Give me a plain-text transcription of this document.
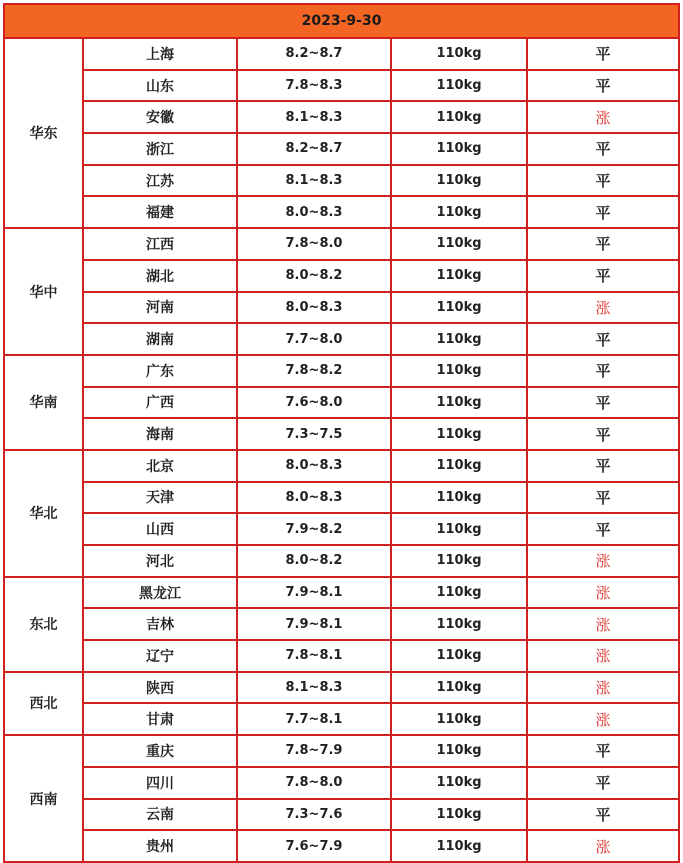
2023-9-30				
华东	上海	8.2~8.7	110kg	平
	山东	7.8~8.3	110kg	平
	安徽	8.1~8.3	110kg	涨
	浙江	8.2~8.7	110kg	平
	江苏	8.1~8.3	110kg	平
	福建	8.0~8.3	110kg	平
华中	江西	7.8~8.0	110kg	平
	湖北	8.0~8.2	110kg	平
	河南	8.0~8.3	110kg	涨
	湖南	7.7~8.0	110kg	平
华南	广东	7.8~8.2	110kg	平
	广西	7.6~8.0	110kg	平
	海南	7.3~7.5	110kg	平
华北	北京	8.0~8.3	110kg	平
	天津	8.0~8.3	110kg	平
	山西	7.9~8.2	110kg	平
	河北	8.0~8.2	110kg	涨
东北	黑龙江	7.9~8.1	110kg	涨
	吉林	7.9~8.1	110kg	涨
	辽宁	7.8~8.1	110kg	涨
西北	陕西	8.1~8.3	110kg	涨
	甘肃	7.7~8.1	110kg	涨
西南	重庆	7.8~7.9	110kg	平
	四川	7.8~8.0	110kg	平
	云南	7.3~7.6	110kg	平
	贵州	7.6~7.9	110kg	涨
